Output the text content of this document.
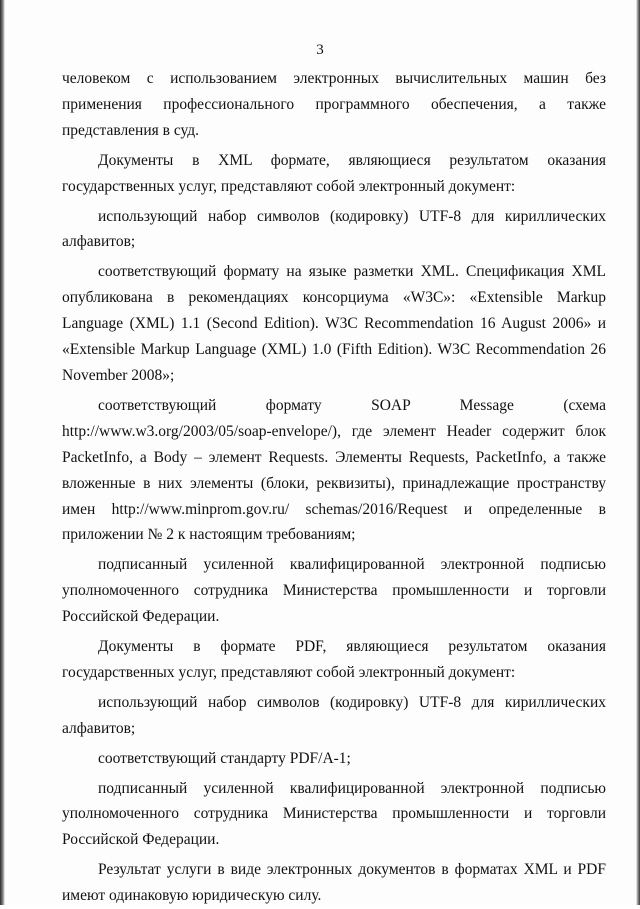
3

человеком с использованием электронных вычислительных машин без применения профессионального программного обеспечения, а также представления в суд.

Документы в XML формате, являющиеся результатом оказания государственных услуг, представляют собой электронный документ:

использующий набор символов (кодировку) UTF-8 для кириллических алфавитов;

соответствующий формату на языке разметки XML. Спецификация XML опубликована в рекомендациях консорциума «W3C»: «Extensible Markup Language (XML) 1.1 (Second Edition). W3C Recommendation 16 August 2006» и «Extensible Markup Language (XML) 1.0 (Fifth Edition). W3C Recommendation 26 November 2008»;

соответствующий формату SOAP Message (схема http://www.w3.org/2003/05/soap-envelope/), где элемент Header содержит блок PacketInfo, а Body – элемент Requests. Элементы Requests, PacketInfo, а также вложенные в них элементы (блоки, реквизиты), принадлежащие пространству имен http://www.minprom.gov.ru/ schemas/2016/Request и определенные в приложении № 2 к настоящим требованиям;

подписанный усиленной квалифицированной электронной подписью уполномоченного сотрудника Министерства промышленности и торговли Российской Федерации.

Документы в формате PDF, являющиеся результатом оказания государственных услуг, представляют собой электронный документ:

использующий набор символов (кодировку) UTF-8 для кириллических алфавитов;

соответствующий стандарту PDF/A-1;

подписанный усиленной квалифицированной электронной подписью уполномоченного сотрудника Министерства промышленности и торговли Российской Федерации.

Результат услуги в виде электронных документов в форматах XML и PDF имеют одинаковую юридическую силу.
